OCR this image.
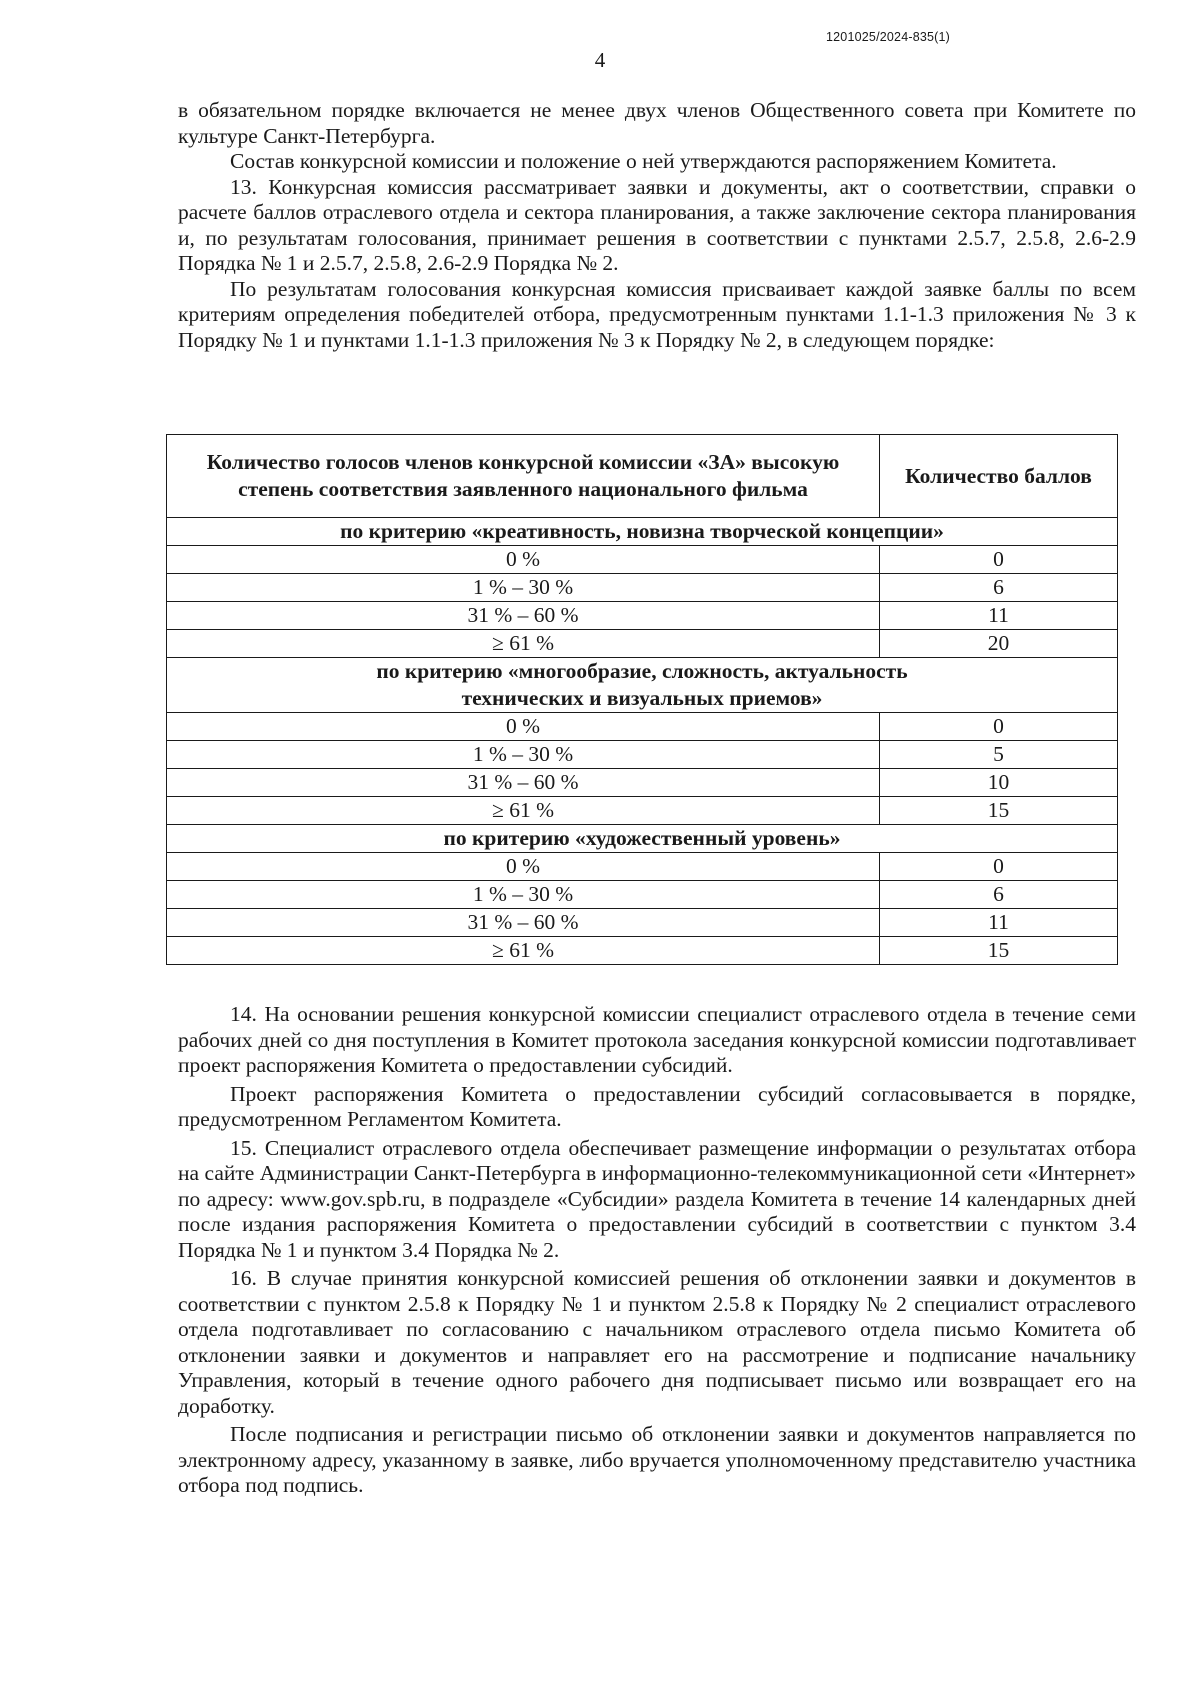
1201025/2024-835(1)
4

в обязательном порядке включается не менее двух членов Общественного совета при Комитете по культуре Санкт-Петербурга.

Состав конкурсной комиссии и положение о ней утверждаются распоряжением Комитета.

13. Конкурсная комиссия рассматривает заявки и документы, акт о соответствии, справки о расчете баллов отраслевого отдела и сектора планирования, а также заключение сектора планирования и, по результатам голосования, принимает решения в соответствии с пунктами 2.5.7, 2.5.8, 2.6-2.9 Порядка № 1 и 2.5.7, 2.5.8, 2.6-2.9 Порядка № 2.

По результатам голосования конкурсная комиссия присваивает каждой заявке баллы по всем критериям определения победителей отбора, предусмотренным пунктами 1.1-1.3 приложения № 3 к Порядку № 1 и пунктами 1.1-1.3 приложения № 3 к Порядку № 2, в следующем порядке:

Количество голосов членов конкурсной комиссии «ЗА» высокую степень соответствия заявленного национального фильма	Количество баллов
по критерию «креативность, новизна творческой концепции»	
0 %	0
1 % – 30 %	6
31 % – 60 %	11
≥ 61 %	20
по критерию «многообразие, сложность, актуальность технических и визуальных приемов»	
0 %	0
1 % – 30 %	5
31 % – 60 %	10
≥ 61 %	15
по критерию «художественный уровень»	
0 %	0
1 % – 30 %	6
31 % – 60 %	11
≥ 61 %	15

14. На основании решения конкурсной комиссии специалист отраслевого отдела в течение семи рабочих дней со дня поступления в Комитет протокола заседания конкурсной комиссии подготавливает проект распоряжения Комитета о предоставлении субсидий.

Проект распоряжения Комитета о предоставлении субсидий согласовывается в порядке, предусмотренном Регламентом Комитета.

15. Специалист отраслевого отдела обеспечивает размещение информации о результатах отбора на сайте Администрации Санкт-Петербурга в информационно-телекоммуникационной сети «Интернет» по адресу: www.gov.spb.ru, в подразделе «Субсидии» раздела Комитета в течение 14 календарных дней после издания распоряжения Комитета о предоставлении субсидий в соответствии с пунктом 3.4 Порядка № 1 и пунктом 3.4 Порядка № 2.

16. В случае принятия конкурсной комиссией решения об отклонении заявки и документов в соответствии с пунктом 2.5.8 к Порядку № 1 и пунктом 2.5.8 к Порядку № 2 специалист отраслевого отдела подготавливает по согласованию с начальником отраслевого отдела письмо Комитета об отклонении заявки и документов и направляет его на рассмотрение и подписание начальнику Управления, который в течение одного рабочего дня подписывает письмо или возвращает его на доработку.

После подписания и регистрации письмо об отклонении заявки и документов направляется по электронному адресу, указанному в заявке, либо вручается уполномоченному представителю участника отбора под подпись.
